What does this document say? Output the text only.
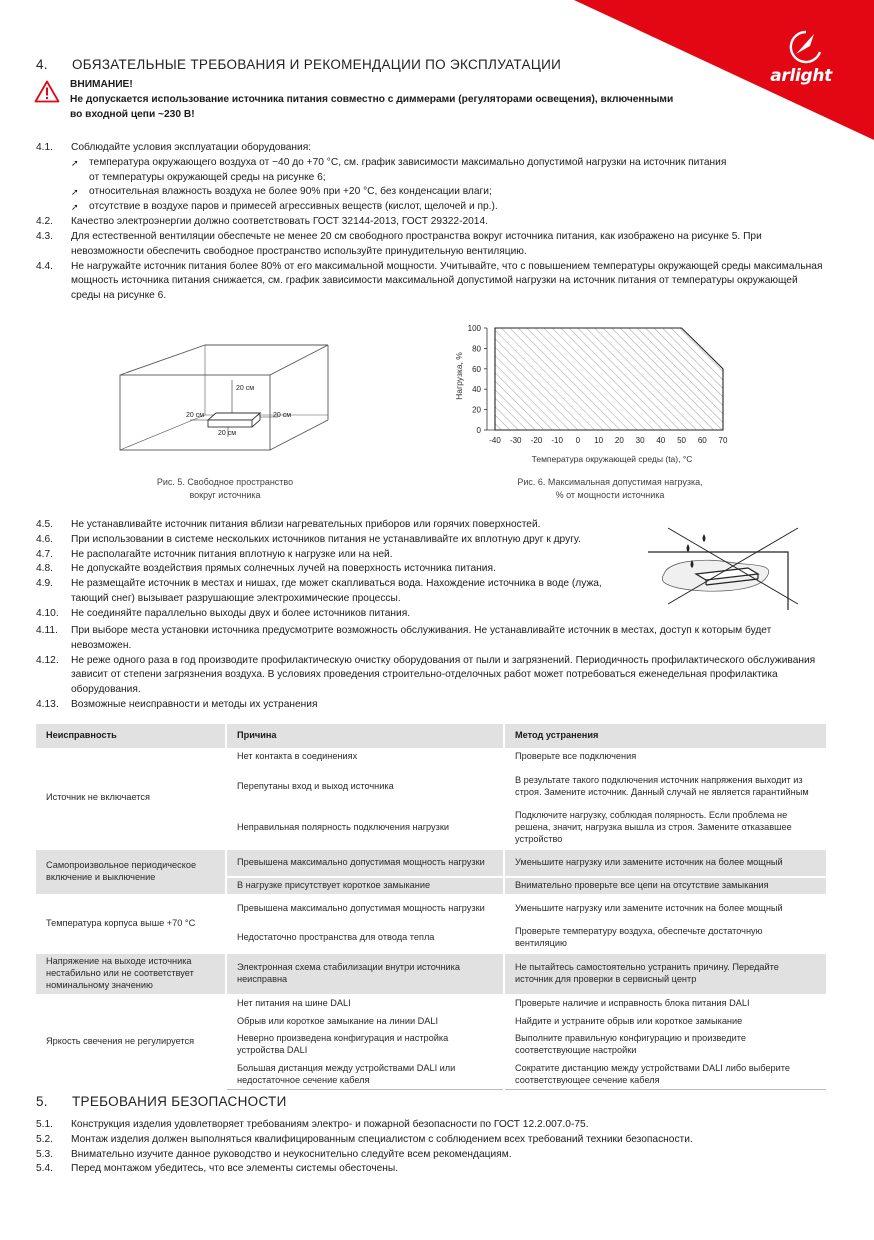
arlight
4. ОБЯЗАТЕЛЬНЫЕ ТРЕБОВАНИЯ И РЕКОМЕНДАЦИИ ПО ЭКСПЛУАТАЦИИ
ВНИМАНИЕ!
Не допускается использование источника питания совместно с диммерами (регуляторами освещения), включенными
во входной цепи ~230 В!
4.1.	Соблюдайте условия эксплуатации оборудования:
➚	температура окружающего воздуха от −40 до +70 °С, см. график зависимости максимально допустимой нагрузки на источник питания
от температуры окружающей среды на рисунке 6;
➚	относительная влажность воздуха не более 90% при +20 °С, без конденсации влаги;
➚	отсутствие в воздухе паров и примесей агрессивных веществ (кислот, щелочей и пр.).
4.2.	Качество электроэнергии должно соответствовать ГОСТ 32144-2013, ГОСТ 29322-2014.
4.3.	Для естественной вентиляции обеспечьте не менее 20 см свободного пространства вокруг источника питания, как изображено на рисунке 5. При невозможности обеспечить свободное пространство используйте принудительную вентиляцию.
4.4.	Не нагружайте источник питания более 80% от его максимальной мощности. Учитывайте, что с повышением температуры окружающей среды максимальная мощность источника питания снижается, см. график зависимости максимальной допустимой нагрузки на источник питания от температуры окружающей среды на рисунке 6.
20 см
20 см	20 см
20 см
Рис. 5. Свободное пространство
вокруг источника
0
20
40
60
80
100
-40 -30 -20 -10 0 10 20 30 40 50 60 70
Нагрузка, %
Температура окружающей среды (ta), °С
Рис. 6. Максимальная допустимая нагрузка,
% от мощности источника
4.5.	Не устанавливайте источник питания вблизи нагревательных приборов или горячих поверхностей.
4.6.	При использовании в системе нескольких источников питания не устанавливайте их вплотную друг к другу.
4.7.	Не располагайте источник питания вплотную к нагрузке или на ней.
4.8.	Не допускайте воздействия прямых солнечных лучей на поверхность источника питания.
4.9.	Не размещайте источник в местах и нишах, где может скапливаться вода. Нахождение источника в воде (лужа, тающий снег) вызывает разрушающие электрохимические процессы.
4.10.	Не соединяйте параллельно выходы двух и более источников питания.
4.11.	При выборе места установки источника предусмотрите возможность обслуживания. Не устанавливайте источник в местах, доступ к которым будет невозможен.
4.12.	Не реже одного раза в год производите профилактическую очистку оборудования от пыли и загрязнений. Периодичность профилактического обслуживания зависит от степени загрязнения воздуха. В условиях проведения строительно-отделочных работ может потребоваться еженедельная профилактика оборудования.
4.13.	Возможные неисправности и методы их устранения
Неисправность	Причина	Метод устранения
Источник не включается	Нет контакта в соединениях	Проверьте все подключения
	Перепутаны вход и выход источника	В результате такого подключения источник напряжения выходит из строя. Замените источник. Данный случай не является гарантийным
	Неправильная полярность подключения нагрузки	Подключите нагрузку, соблюдая полярность. Если проблема не решена, значит, нагрузка вышла из строя. Замените отказавшее устройство
Самопроизвольное периодическое включение и выключение	Превышена максимально допустимая мощность нагрузки	Уменьшите нагрузку или замените источник на более мощный
	В нагрузке присутствует короткое замыкание	Внимательно проверьте все цепи на отсутствие замыкания
Температура корпуса выше +70 °С	Превышена максимально допустимая мощность нагрузки	Уменьшите нагрузку или замените источник на более мощный
	Недостаточно пространства для отвода тепла	Проверьте температуру воздуха, обеспечьте достаточную вентиляцию
Напряжение на выходе источника нестабильно или не соответствует номинальному значению	Электронная схема стабилизации внутри источника неисправна	Не пытайтесь самостоятельно устранить причину. Передайте источник для проверки в сервисный центр
Яркость свечения не регулируется	Нет питания на шине DALI	Проверьте наличие и исправность блока питания DALI
	Обрыв или короткое замыкание на линии DALI	Найдите и устраните обрыв или короткое замыкание
	Неверно произведена конфигурация и настройка устройства DALI	Выполните правильную конфигурацию и произведите соответствующие настройки
	Большая дистанция между устройствами DALI или недостаточное сечение кабеля	Сократите дистанцию между устройствами DALI либо выберите соответствующее сечение кабеля
5. ТРЕБОВАНИЯ БЕЗОПАСНОСТИ
5.1.	Конструкция изделия удовлетворяет требованиям электро- и пожарной безопасности по ГОСТ 12.2.007.0-75.
5.2.	Монтаж изделия должен выполняться квалифицированным специалистом с соблюдением всех требований техники безопасности.
5.3.	Внимательно изучите данное руководство и неукоснительно следуйте всем рекомендациям.
5.4.	Перед монтажом убедитесь, что все элементы системы обесточены.
